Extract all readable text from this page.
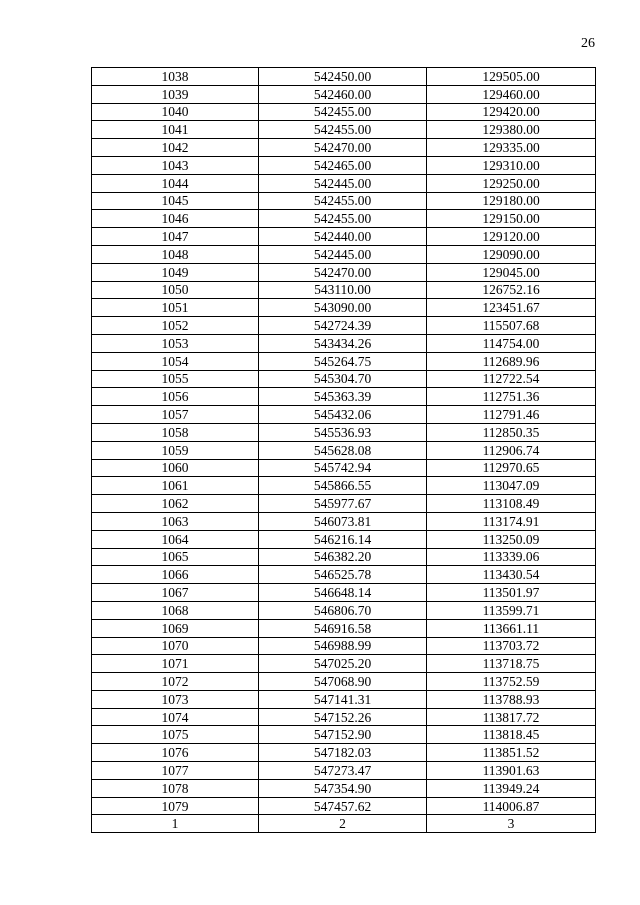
26
1038	542450.00	129505.00
1039	542460.00	129460.00
1040	542455.00	129420.00
1041	542455.00	129380.00
1042	542470.00	129335.00
1043	542465.00	129310.00
1044	542445.00	129250.00
1045	542455.00	129180.00
1046	542455.00	129150.00
1047	542440.00	129120.00
1048	542445.00	129090.00
1049	542470.00	129045.00
1050	543110.00	126752.16
1051	543090.00	123451.67
1052	542724.39	115507.68
1053	543434.26	114754.00
1054	545264.75	112689.96
1055	545304.70	112722.54
1056	545363.39	112751.36
1057	545432.06	112791.46
1058	545536.93	112850.35
1059	545628.08	112906.74
1060	545742.94	112970.65
1061	545866.55	113047.09
1062	545977.67	113108.49
1063	546073.81	113174.91
1064	546216.14	113250.09
1065	546382.20	113339.06
1066	546525.78	113430.54
1067	546648.14	113501.97
1068	546806.70	113599.71
1069	546916.58	113661.11
1070	546988.99	113703.72
1071	547025.20	113718.75
1072	547068.90	113752.59
1073	547141.31	113788.93
1074	547152.26	113817.72
1075	547152.90	113818.45
1076	547182.03	113851.52
1077	547273.47	113901.63
1078	547354.90	113949.24
1079	547457.62	114006.87
1	2	3
